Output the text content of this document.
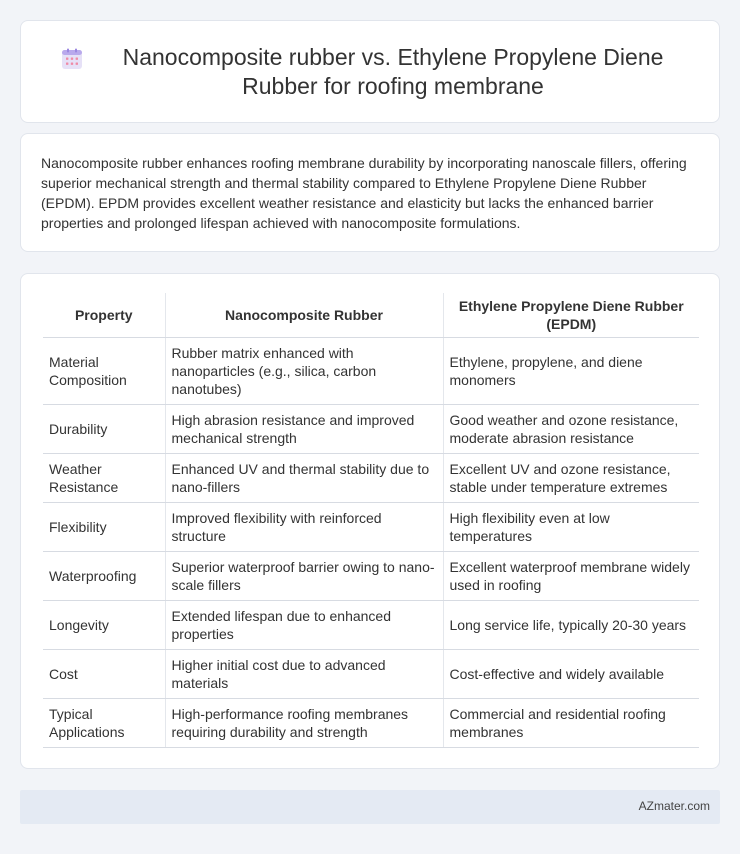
Nanocomposite rubber vs. Ethylene Propylene Diene Rubber for roofing membrane

Nanocomposite rubber enhances roofing membrane durability by incorporating nanoscale fillers, offering superior mechanical strength and thermal stability compared to Ethylene Propylene Diene Rubber (EPDM). EPDM provides excellent weather resistance and elasticity but lacks the enhanced barrier properties and prolonged lifespan achieved with nanocomposite formulations.

Property	Nanocomposite Rubber	Ethylene Propylene Diene Rubber (EPDM)
Material Composition	Rubber matrix enhanced with nanoparticles (e.g., silica, carbon nanotubes)	Ethylene, propylene, and diene monomers
Durability	High abrasion resistance and improved mechanical strength	Good weather and ozone resistance, moderate abrasion resistance
Weather Resistance	Enhanced UV and thermal stability due to nano-fillers	Excellent UV and ozone resistance, stable under temperature extremes
Flexibility	Improved flexibility with reinforced structure	High flexibility even at low temperatures
Waterproofing	Superior waterproof barrier owing to nano-scale fillers	Excellent waterproof membrane widely used in roofing
Longevity	Extended lifespan due to enhanced properties	Long service life, typically 20-30 years
Cost	Higher initial cost due to advanced materials	Cost-effective and widely available
Typical Applications	High-performance roofing membranes requiring durability and strength	Commercial and residential roofing membranes
AZmater.com
